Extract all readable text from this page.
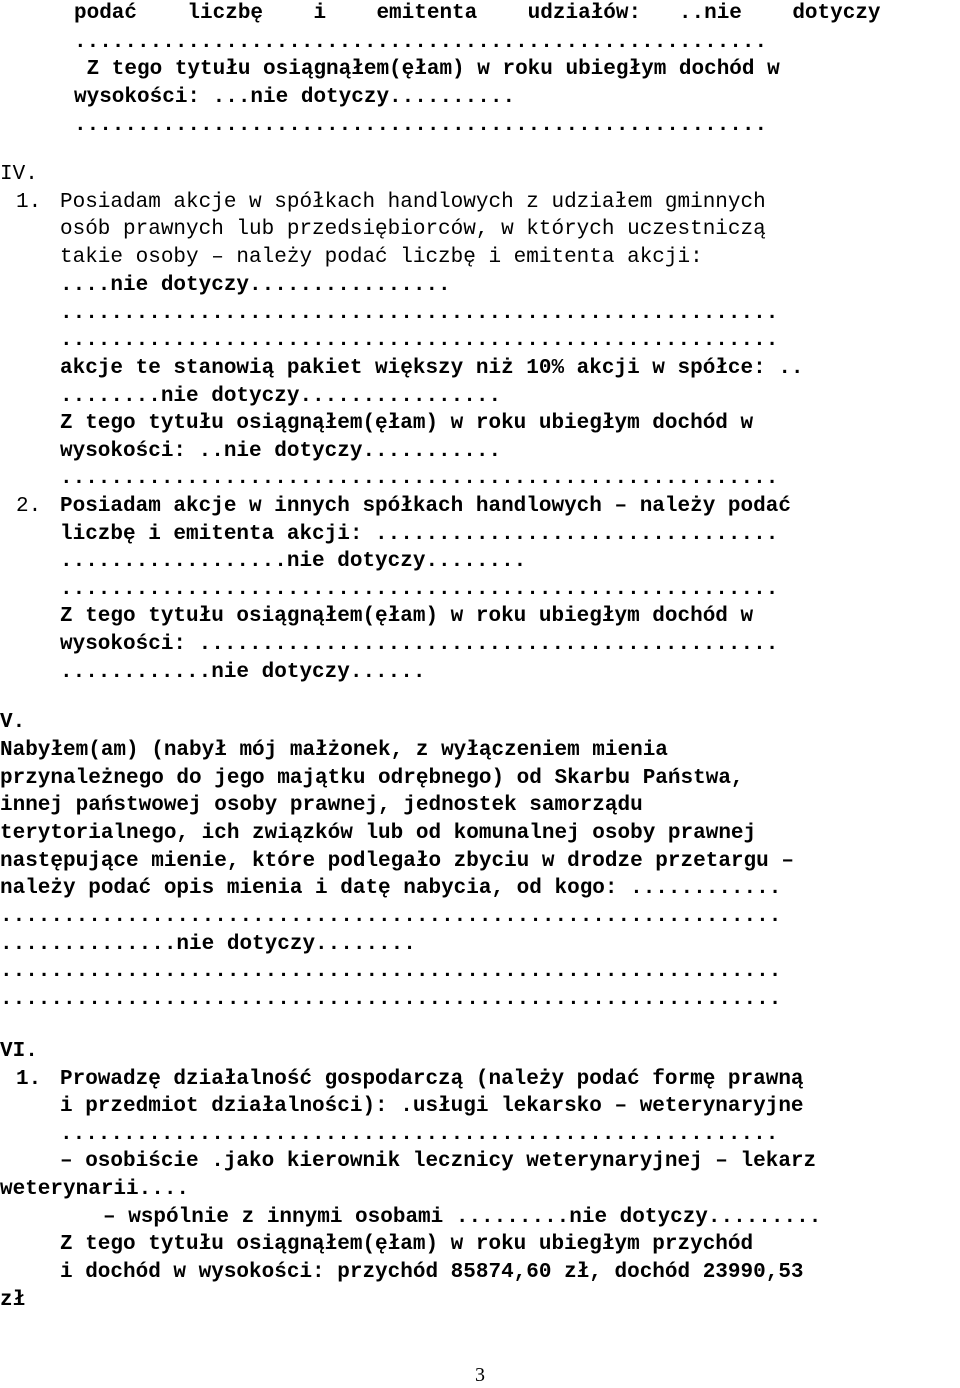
podać    liczbę    i    emitenta    udziałów:   ..nie    dotyczy
.......................................................
Z tego tytułu osiągnąłem(ęłam) w roku ubiegłym dochód w
wysokości: ...nie dotyczy..........
.......................................................
IV.
1. Posiadam akcje w spółkach handlowych z udziałem gminnych
osób prawnych lub przedsiębiorców, w których uczestniczą
takie osoby – należy podać liczbę i emitenta akcji:
....nie dotyczy................
.........................................................
.........................................................
akcje te stanowią pakiet większy niż 10% akcji w spółce: ..
........nie dotyczy................
Z tego tytułu osiągnąłem(ęłam) w roku ubiegłym dochód w
wysokości: ..nie dotyczy...........
.........................................................
2. Posiadam akcje w innych spółkach handlowych – należy podać
liczbę i emitenta akcji: ................................
..................nie dotyczy........
.........................................................
Z tego tytułu osiągnąłem(ęłam) w roku ubiegłym dochód w
wysokości: ..............................................
............nie dotyczy......
V.
Nabyłem(am) (nabył mój małżonek, z wyłączeniem mienia
przynależnego do jego majątku odrębnego) od Skarbu Państwa,
innej państwowej osoby prawnej, jednostek samorządu
terytorialnego, ich związków lub od komunalnej osoby prawnej
następujące mienie, które podlegało zbyciu w drodze przetargu –
należy podać opis mienia i datę nabycia, od kogo: ............
..............................................................
..............nie dotyczy........
..............................................................
..............................................................
VI.
1. Prowadzę działalność gospodarczą (należy podać formę prawną
i przedmiot działalności): .usługi lekarsko – weterynaryjne
.........................................................
– osobiście .jako kierownik lecznicy weterynaryjnej – lekarz
weterynarii....
– wspólnie z innymi osobami .........nie dotyczy.........
Z tego tytułu osiągnąłem(ęłam) w roku ubiegłym przychód
i dochód w wysokości: przychód 85874,60 zł, dochód 23990,53
zł
3
